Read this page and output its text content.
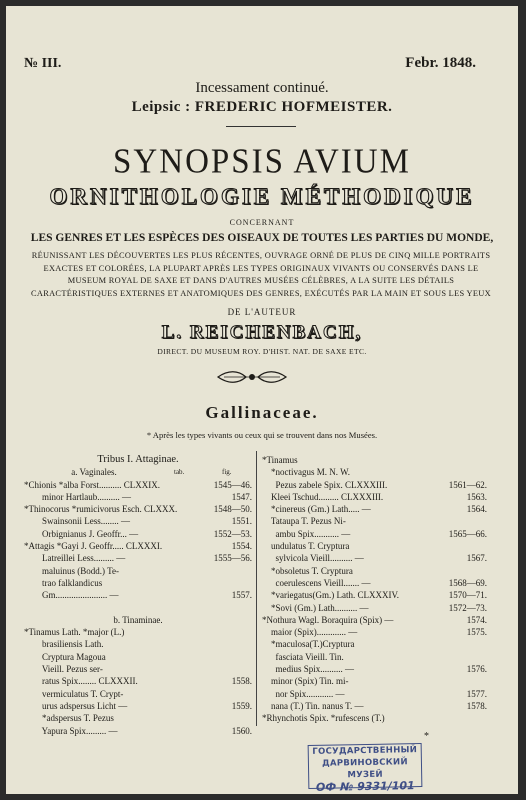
№ III.	Febr. 1848.
Incessament continué.
Leipsic : FREDERIC HOFMEISTER.
SYNOPSIS AVIUM
ORNITHOLOGIE MÉTHODIQUE
CONCERNANT
LES GENRES ET LES ESPÈCES DES OISEAUX DE TOUTES LES PARTIES DU MONDE,
RÉUNISSANT LES DÉCOUVERTES LES PLUS RÉCENTES, OUVRAGE ORNÉ DE PLUS DE CINQ MILLE PORTRAITS EXACTES ET COLORÉES, LA PLUPART APRÈS LES TYPES ORIGINAUX VIVANTS OU CONSERVÉS DANS LE MUSEUM ROYAL DE SAXE ET DANS D'AUTRES MUSÉES CÉLÈBRES, A LA SUITE LES DÉTAILS CARACTÉRISTIQUES EXTERNES ET ANATOMIQUES DES GENRES, EXÉCUTÉS PAR LA MAIN ET SOUS LES YEUX
DE L'AUTEUR
L. REICHENBACH,
DIRECT. DU MUSEUM ROY. D'HIST. NAT. DE SAXE ETC.
Gallinaceae.
* Après les types vivants ou ceux qui se trouvent dans nos Musées.
Tribus I. Attaginae.
a. Vaginales.	tab.	fig.
*Chionis *alba Forst.......... CLXXIX.	1545—46.
minor Hartlaub.......... —	1547.
*Thinocorus *rumicivorus Esch. CLXXX.	1548—50.
Swainsonii Less........ —	1551.
Orbignianus J. Geoffr... —	1552—53.
*Attagis *Gayi J. Geoffr..... CLXXXI.	1554.
Latreillei Less......... —	1555—56.
maluinus (Bodd.) Te-
trao falklandicus
Gm....................... —	1557.
b. Tinaminae.
*Tinamus Lath. *major (L.)
brasiliensis Lath.
Cryptura Magoua
Vieill. Pezus ser-
ratus Spix........ CLXXXII.	1558.
vermiculatus T. Crypt-
urus adspersus Licht —	1559.
*adspersus T. Pezus
Yapura Spix......... —	1560.
*Tinamus
*noctivagus M. N. W.
Pezus zabele Spix. CLXXXIII.	1561—62.
Kleei Tschud......... CLXXXIII.	1563.
*cinereus (Gm.) Lath..... —	1564.
Tataupa T. Pezus Ni-
ambu Spix........... —	1565—66.
undulatus T. Cryptura
sylvicola Vieill.......... —	1567.
*obsoletus T. Cryptura
coerulescens Vieill....... —	1568—69.
*variegatus(Gm.) Lath. CLXXXIV.	1570—71.
*Sovi (Gm.) Lath.......... —	1572—73.
*Nothura Wagl. Boraquira (Spix) —	1574.
maior (Spix)............. —	1575.
*maculosa(T.)Cryptura
fasciata Vieill. Tin.
medius Spix.......... —	1576.
minor (Spix) Tin. mi-
nor Spix............ —	1577.
nana (T.) Tin. nanus T. —	1578.
*Rhynchotis Spix. *rufescens (T.)
*
ГОСУДАРСТВЕННЫЙ
ДАРВИНОВСКИЙ МУЗЕЙ
ОФ № 9331/101
